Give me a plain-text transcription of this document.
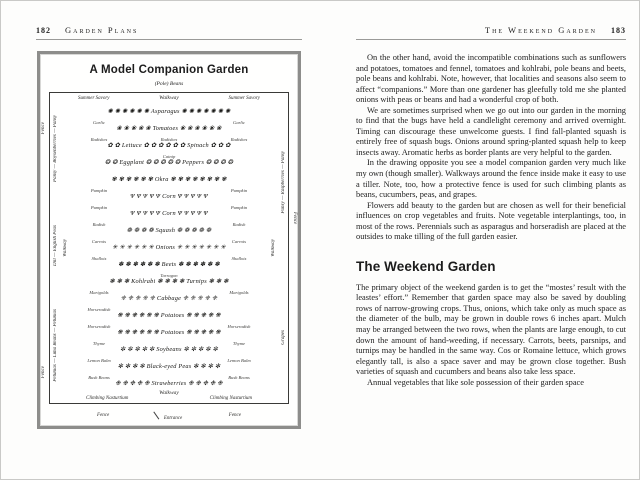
182 Garden Plans	The Weekend Garden 183
A Model Companion Garden
(Pole) Beans
Fence
Fence
Fence
Pansy — Boysenberries — Pansy
Dill — English Peas
Petunias — Lima Beans — Petunias
Walkway
Summer Savory	Walkway	Summer Savory
✺ ✺ ✺ ✺ ✺ ✺ Asparagus ✺ ✺ ✺ ✺ ✺ ✺ ✺
Garlic	Garlic
❀ ❀ ❀ ❀ ❀ Tomatoes ❀ ❀ ❀ ❀ ❀ ❀
Radishes	Radishes	Radishes
✿ ✿ Lettuce ✿ ✿ ✿ ✿ ✿ ✿ Spinach ✿ ✿ ✿
Catnip
❂ ❂ Eggplant ❂ ❂ ❂ ❂ ❂ Peppers ❂ ❂ ❂ ❂
✾ ✾ ✾ ✾ ✾ ✾ Okra ✾ ✾ ✾ ✾ ✾ ✾ ✾ ✾
Pumpkin	Pumpkin
Ψ Ψ Ψ Ψ Ψ Corn Ψ Ψ Ψ Ψ Ψ
Pumpkin	Pumpkin
Ψ Ψ Ψ Ψ Ψ Corn Ψ Ψ Ψ Ψ Ψ
Radish	Radish
❁ ❁ ❁ ❁ Squash ❁ ❁ ❁ ❁ ❁
Carrots	Carrots
✳ ✳ ✳ ✳ ✳ ✳ Onions ✳ ✳ ✳ ✳ ✳ ✳ ✳
Shallots	Shallots
✽ ✽ ✽ ✽ ✽ ✽ Beets ✽ ✽ ✽ ✽ ✽ ✽
Tarragon
❃ ❃ ❃ Kohlrabi ❃ ❃ ❃ ❃ Turnips ❃ ❃ ❃
Marigolds	Marigolds
❈ ❈ ❈ ❈ ❈ Cabbage ❈ ❈ ❈ ❈ ❈
Horseradish
❋ ❋ ❋ ❋ ❋ ❋ Potatoes ❋ ❋ ❋ ❋ ❋
Horseradish	Horseradish
❋ ❋ ❋ ❋ ❋ ❋ Potatoes ❋ ❋ ❋ ❋ ❋
Thyme	Thyme
✼ ✼ ✼ ✼ ✼ Soybeans ✼ ✼ ✼ ✼ ✼
Lemon Balm	Lemon Balm
✻ ✻ ✻ ✻ Black-eyed Peas ✻ ✻ ✻ ✻
Bush Beans	Bush Beans
❉ ❉ ❉ ❉ ❉ Strawberries ❉ ❉ ❉ ❉ ❉
Walkway
Climbing Nasturtium	Climbing Nasturtium
Walkway
Pansy — Raspberries — Pansy
Grapes
Fence	Fence
Entrance

On the other hand, avoid the incompatible combinations such as sunflowers and potatoes, tomatoes and fennel, tomatoes and kohlrabi, pole beans and beets, pole beans and kohlrabi. Note, however, that localities and seasons also seem to affect “companions.” More than one gardener has gleefully told me she planted onions with peas or beans and had a wonderful crop of both.

We are sometimes surprised when we go out into our garden in the morning to find that the bugs have held a candlelight ceremony and arrived overnight. Timing can discourage these unwelcome guests. I find fall-planted squash is entirely free of squash bugs. Onions around spring-planted squash help to keep insects away. Aromatic herbs as border plants are very helpful to the garden.

In the drawing opposite you see a model companion garden very much like my own (though smaller). Walkways around the fence inside make it easy to use a tiller. Note, too, how a protective fence is used for such climbing plants as beans, cucumbers, peas, and grapes.

Flowers add beauty to the garden but are chosen as well for their beneficial influences on crop vegetables and fruits. Note vegetable interplantings, too, in most of the rows. Perennials such as asparagus and horseradish are placed at the outsides to make tilling of the full garden easier.

The Weekend Garden

The primary object of the weekend garden is to get the “mostes’ result with the leastes’ effort.” Remember that garden space may also be saved by doubling rows of narrow-growing crops. Thus, onions, which take only as much space as the diameter of the bulb, may be grown in double rows 6 inches apart. Mulch may be arranged between the two rows, when the plants are large enough, to cut down the amount of hand-weeding, if necessary. Carrots, beets, parsnips, and turnips may be handled in the same way. Cos or Romaine lettuce, which grows elegantly tall, is also a space saver and may be grown close together. Bush varieties of squash and cucumbers and beans also take less space.

Annual vegetables that like sole possession of their garden space
